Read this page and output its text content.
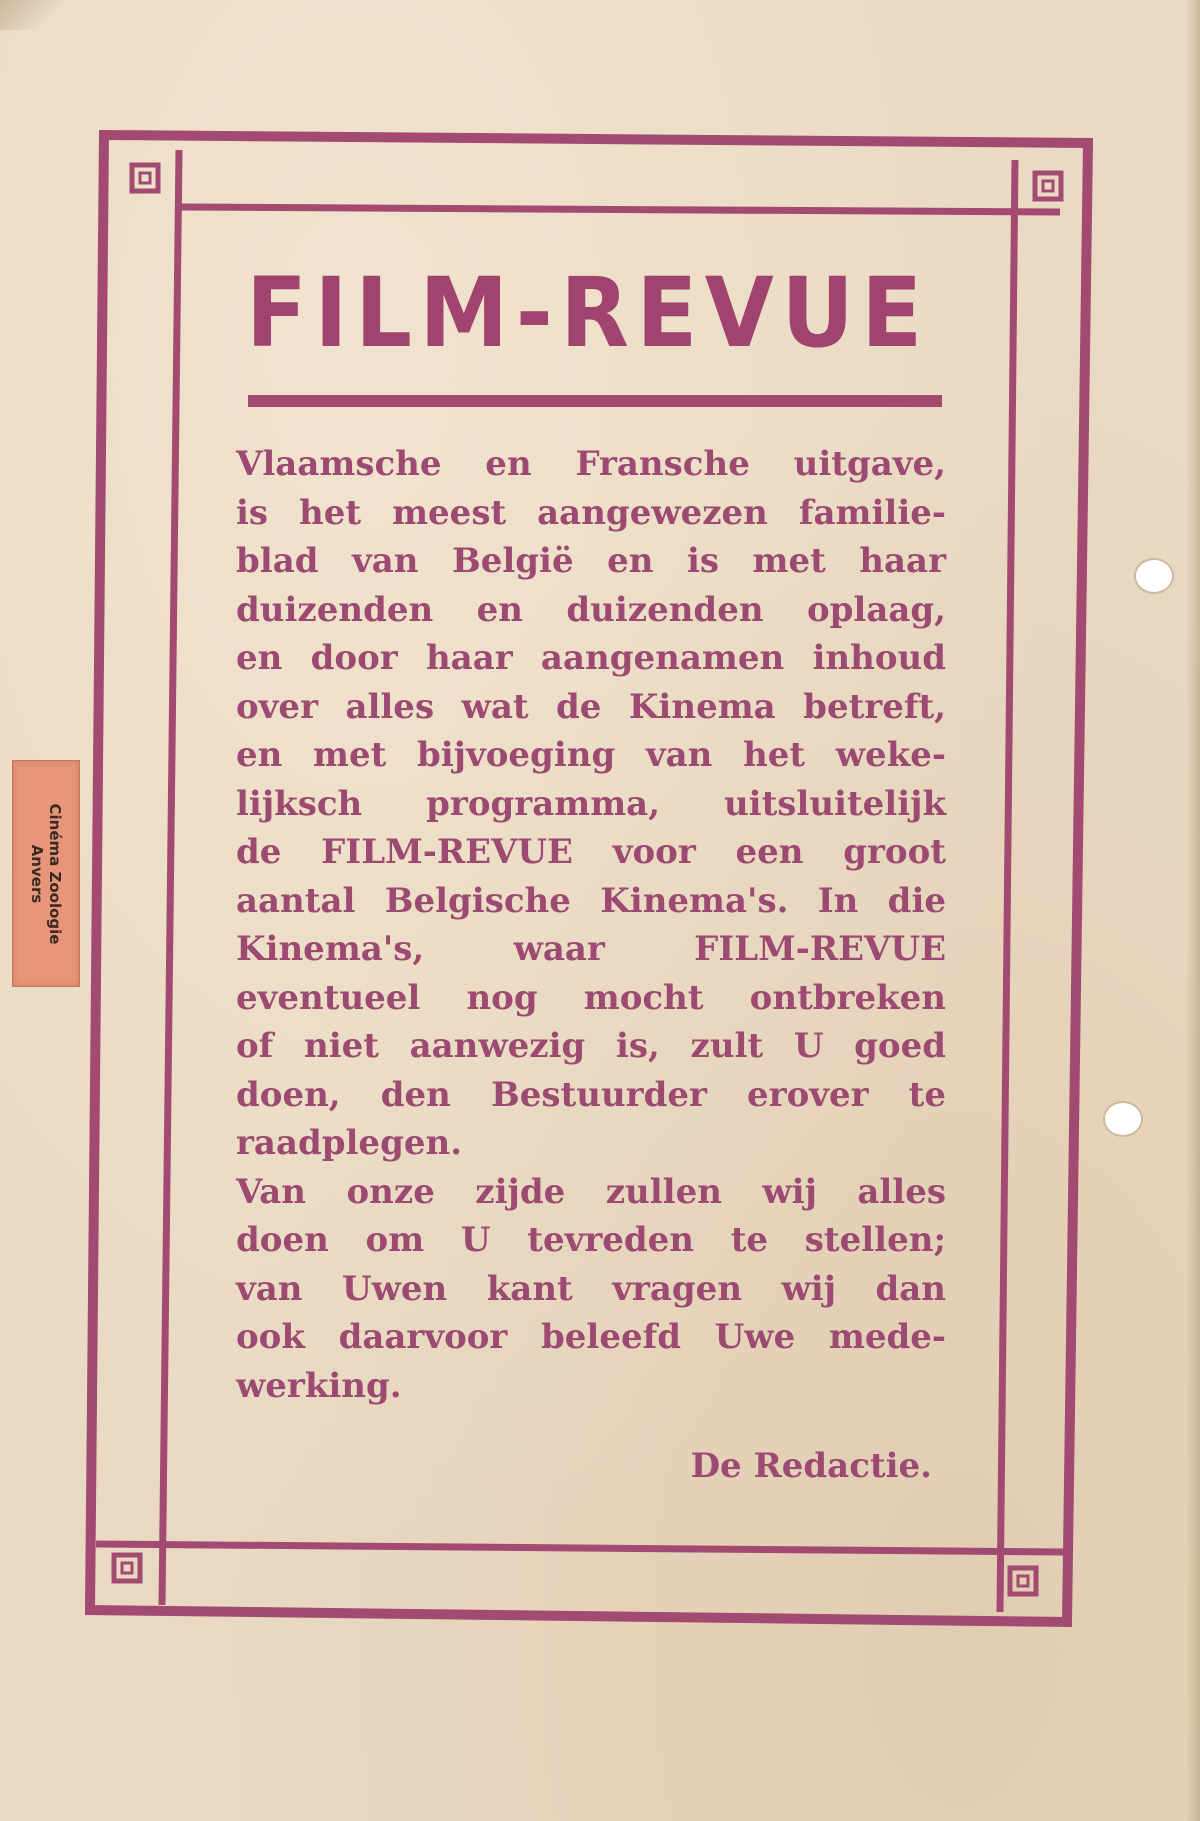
Cinéma Zoologie
Anvers
FILM-REVUE
Vlaamsche en Fransche uitgave,
is het meest aangewezen familie-
blad van België en is met haar
duizenden en duizenden oplaag,
en door haar aangenamen inhoud
over alles wat de Kinema betreft,
en met bijvoeging van het weke-
lijksch programma, uitsluitelijk
de FILM-REVUE voor een groot
aantal Belgische Kinema's. In die
Kinema's, waar FILM-REVUE
eventueel nog mocht ontbreken
of niet aanwezig is, zult U goed
doen, den Bestuurder erover te
raadplegen.
Van onze zijde zullen wij alles
doen om U tevreden te stellen;
van Uwen kant vragen wij dan
ook daarvoor beleefd Uwe mede-
werking.
De Redactie.
